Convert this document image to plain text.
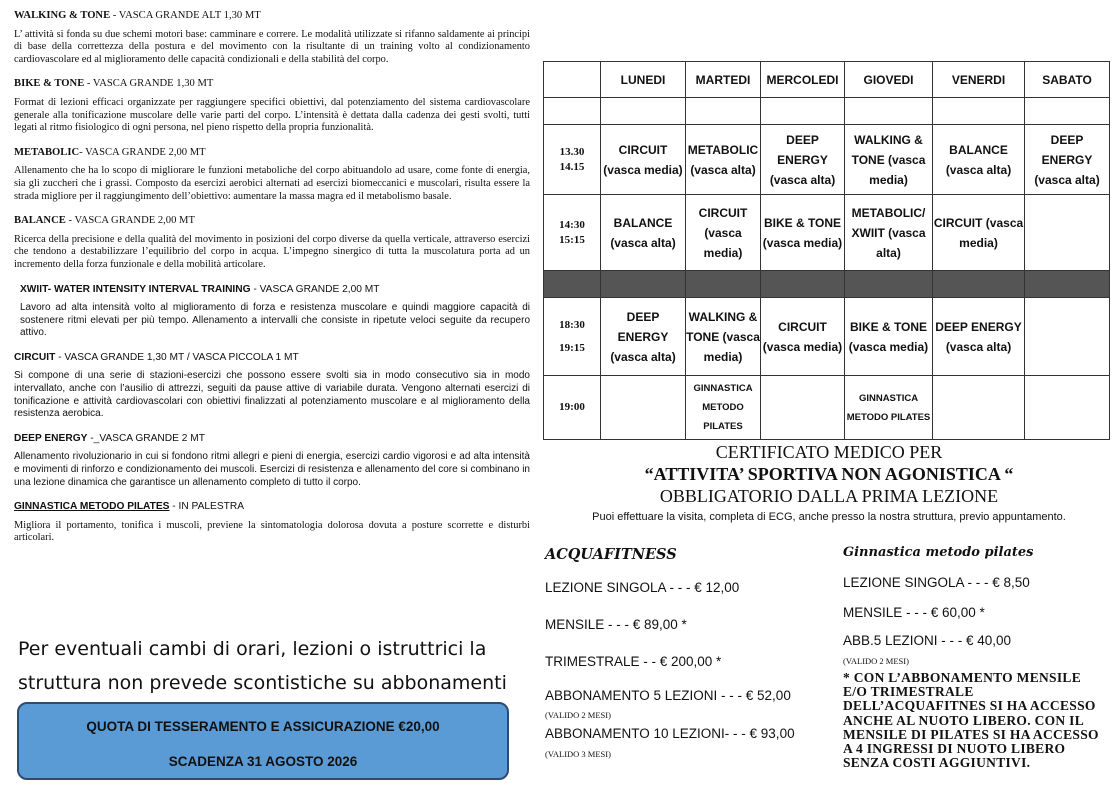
WALKING & TONE - VASCA GRANDE ALT 1,30 MT

L’ attività si fonda su due schemi motori base: camminare e correre. Le modalità utilizzate si rifanno saldamente ai principi di base della correttezza della postura e del movimento con la risultante di un training volto al condizionamento cardiovascolare ed al miglioramento delle capacità condizionali e della stabilità del corpo.

BIKE & TONE - VASCA GRANDE 1,30 MT

Format di lezioni efficaci organizzate per raggiungere specifici obiettivi, dal potenziamento del sistema cardiovascolare generale alla tonificazione muscolare delle varie parti del corpo. L’intensità è dettata dalla cadenza dei gesti svolti, tutti legati al ritmo fisiologico di ogni persona, nel pieno rispetto della propria funzionalità.

METABOLIC- VASCA GRANDE 2,00 MT

Allenamento che ha lo scopo di migliorare le funzioni metaboliche del corpo abituandolo ad usare, come fonte di energia, sia gli zuccheri che i grassi. Composto da esercizi aerobici alternati ad esercizi biomeccanici e muscolari, risulta essere la strada migliore per il raggiungimento dell’obiettivo: aumentare la massa magra ed il metabolismo basale.

BALANCE - VASCA GRANDE 2,00 MT

Ricerca della precisione e della qualità del movimento in posizioni del corpo diverse da quella verticale, attraverso esercizi che tendono a destabilizzare l’equilibrio del corpo in acqua. L’impegno sinergico di tutta la muscolatura porta ad un incremento della forza funzionale e della mobilità articolare.

XWIIT- WATER INTENSITY INTERVAL TRAINING - VASCA GRANDE 2,00 MT

Lavoro ad alta intensità volto al miglioramento di forza e resistenza muscolare e quindi maggiore capacità di sostenere ritmi elevati per più tempo. Allenamento a intervalli che consiste in ripetute veloci seguite da recupero attivo.

CIRCUIT - VASCA GRANDE 1,30 MT / VASCA PICCOLA 1 MT

Si compone di una serie di stazioni-esercizi che possono essere svolti sia in modo consecutivo sia in modo intervallato, anche con l’ausilio di attrezzi, seguiti da pause attive di variabile durata. Vengono alternati esercizi di tonificazione e attività cardiovascolari con obiettivi finalizzati al potenziamento muscolare e al miglioramento della resistenza aerobica.

DEEP ENERGY -_VASCA GRANDE 2 MT

Allenamento rivoluzionario in cui si fondono ritmi allegri e pieni di energia, esercizi cardio vigorosi e ad alta intensità e movimenti di rinforzo e condizionamento dei muscoli. Esercizi di resistenza e allenamento del core si combinano in una lezione dinamica che garantisce un allenamento completo di tutto il corpo.

GINNASTICA METODO PILATES - IN PALESTRA

Migliora il portamento, tonifica i muscoli, previene la sintomatologia dolorosa dovuta a posture scorrette e disturbi articolari.

Per eventuali cambi di orari, lezioni o istruttrici la
struttura non prevede scontistiche su abbonamenti
QUOTA DI TESSERAMENTO E ASSICURAZIONE €20,00
SCADENZA 31 AGOSTO 2026
	LUNEDI	MARTEDI	MERCOLEDI	GIOVEDI	VENERDI	SABATO

13.30
14.15	CIRCUIT (vasca media)	METABOLIC (vasca alta)	DEEP ENERGY (vasca alta)	WALKING & TONE (vasca media)	BALANCE (vasca alta)	DEEP ENERGY (vasca alta)

14:30
15:15	BALANCE (vasca alta)	CIRCUIT (vasca media)	BIKE & TONE (vasca media)	METABOLIC/ XWIIT (vasca alta)	CIRCUIT (vasca media)	

18:30
19:15	DEEP ENERGY (vasca alta)	WALKING & TONE (vasca media)	CIRCUIT (vasca media)	BIKE & TONE (vasca media)	DEEP ENERGY (vasca alta)	

19:00		GINNASTICA METODO PILATES		GINNASTICA METODO PILATES		
CERTIFICATO MEDICO PER
“ATTIVITA’ SPORTIVA NON AGONISTICA “
OBBLIGATORIO DALLA PRIMA LEZIONE
Puoi effettuare la visita, completa di ECG, anche presso la nostra struttura, previo appuntamento.
ACQUAFITNESS
LEZIONE SINGOLA - - - € 12,00
MENSILE - - - € 89,00 *
TRIMESTRALE - - € 200,00 *
ABBONAMENTO 5 LEZIONI - - - € 52,00
(VALIDO 2 MESI)
ABBONAMENTO 10 LEZIONI- - - € 93,00
(VALIDO 3 MESI)
Ginnastica metodo pilates
LEZIONE SINGOLA - - - € 8,50
MENSILE - - - € 60,00 *
ABB.5 LEZIONI - - - € 40,00
(VALIDO 2 MESI)
* CON L’ABBONAMENTO MENSILE E/O TRIMESTRALE DELL’ACQUAFITNES SI HA ACCESSO ANCHE AL NUOTO LIBERO. CON IL MENSILE DI PILATES SI HA ACCESSO A 4 INGRESSI DI NUOTO LIBERO SENZA COSTI AGGIUNTIVI.
